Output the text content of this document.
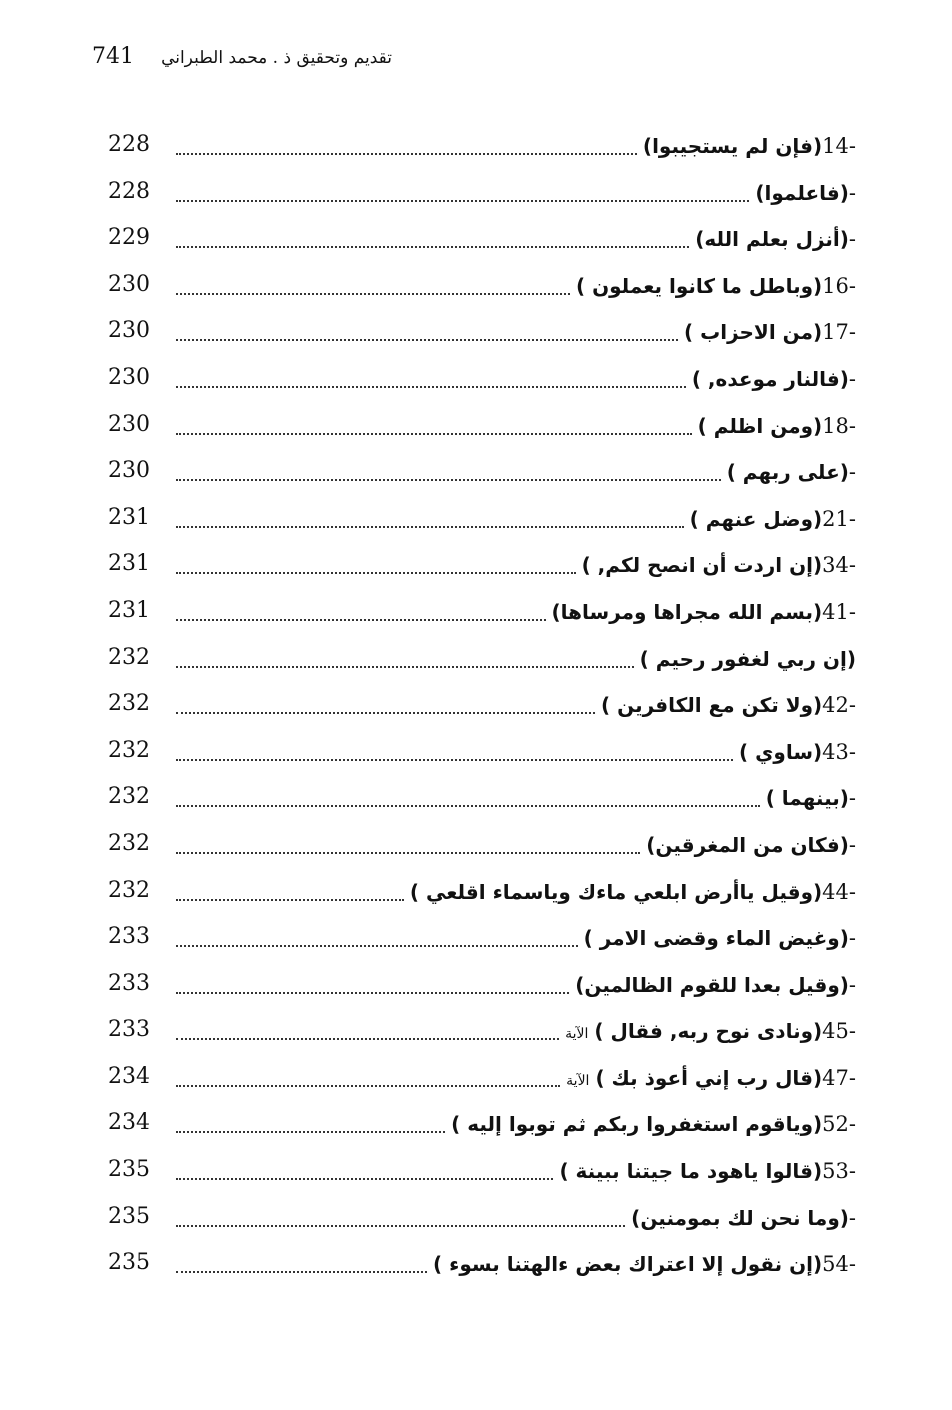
741	تقديم وتحقيق ذ . محمد الطبراني
228	(فإن لم يستجيبوا)14-
228	(فاعلموا)-
229	(أنزل بعلم الله)-
230	(وباطل ما كانوا يعملون )16-
230	(من الاحزاب )17-
230	(فالنار موعده, )-
230	(ومن اظلم )18-
230	(على ربهم )-
231	(وضل عنهم )21-
231	(إن اردت أن انصح لكم, )34-
231	(بسم الله مجراها ومرساها)41-
232	(إن ربي لغفور رحيم )
232	(ولا تكن مع الكافرين )42-
232	(ساوي )43-
232	(بينهما )-
232	(فكان من المغرقين)-
232	(وقيل ياأرض ابلعي ماءك وياسماء اقلعي )44-
233	(وغيض الماء وقضى الامر )-
233	(وقيل بعدا للقوم الظالمين)-
233	الآية (ونادى نوح ربه, فقال )45-
234	الآية (قال رب إني أعوذ بك )47-
234	(وياقوم استغفروا ربكم ثم توبوا إليه )52-
235	(قالوا ياهود ما جيتنا ببينة )53-
235	(وما نحن لك بمومنين)-
235	(إن نقول إلا اعتراك بعض ءالهتنا بسوء )54-
